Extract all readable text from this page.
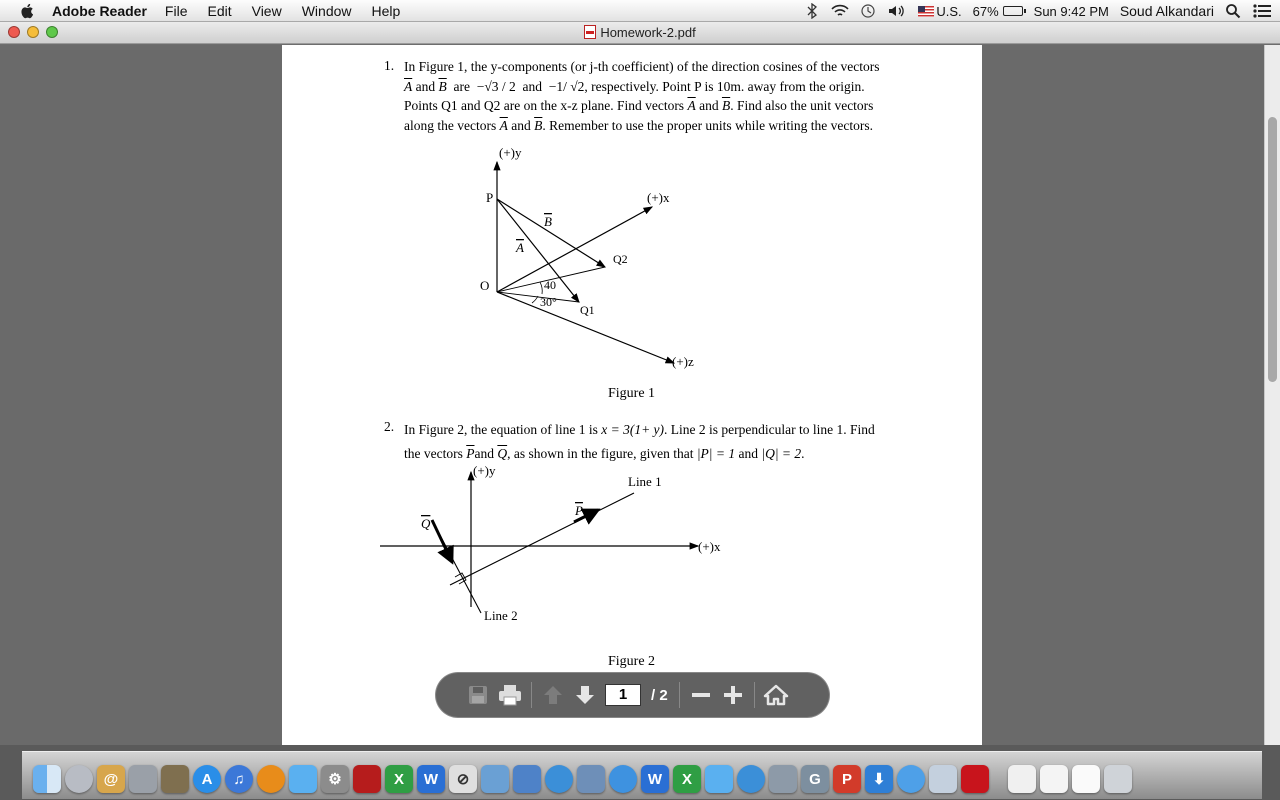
Adobe Reader File Edit View Window Help	U.S. 67%	Sun 9:42 PM Soud Alkandari
Homework-2.pdf
1. In Figure 1, the y-components (or j-th coefficient) of the direction cosines of the vectors
$\overline{A}$ and $\overline{B}$ are −√3 / 2 and −1/ √2, respectively. Point P is 10m. away from the origin.
Points Q1 and Q2 are on the x-z plane. Find vectors $\overline{A}$ and $\overline{B}$. Find also the unit vectors
along the vectors $\overline{A}$ and $\overline{B}$. Remember to use the proper units while writing the vectors.
(+)y
(+)x
(+)z
P
O
Q2
Q1
A
B
40
30°
Figure 1
2. In Figure 2, the equation of line 1 is x = 3(1+ y). Line 2 is perpendicular to line 1. Find
the vectors $\overline{P}and$ $\overline{Q}$, as shown in the figure, given that |P| = 1 and |Q| = 2.
(+)y
(+)x
Line 1
Line 2
P
Q
Figure 2
1	/ 2
@	A	♫	⚙	X	W	⊘	W	X	G	P	⬇
